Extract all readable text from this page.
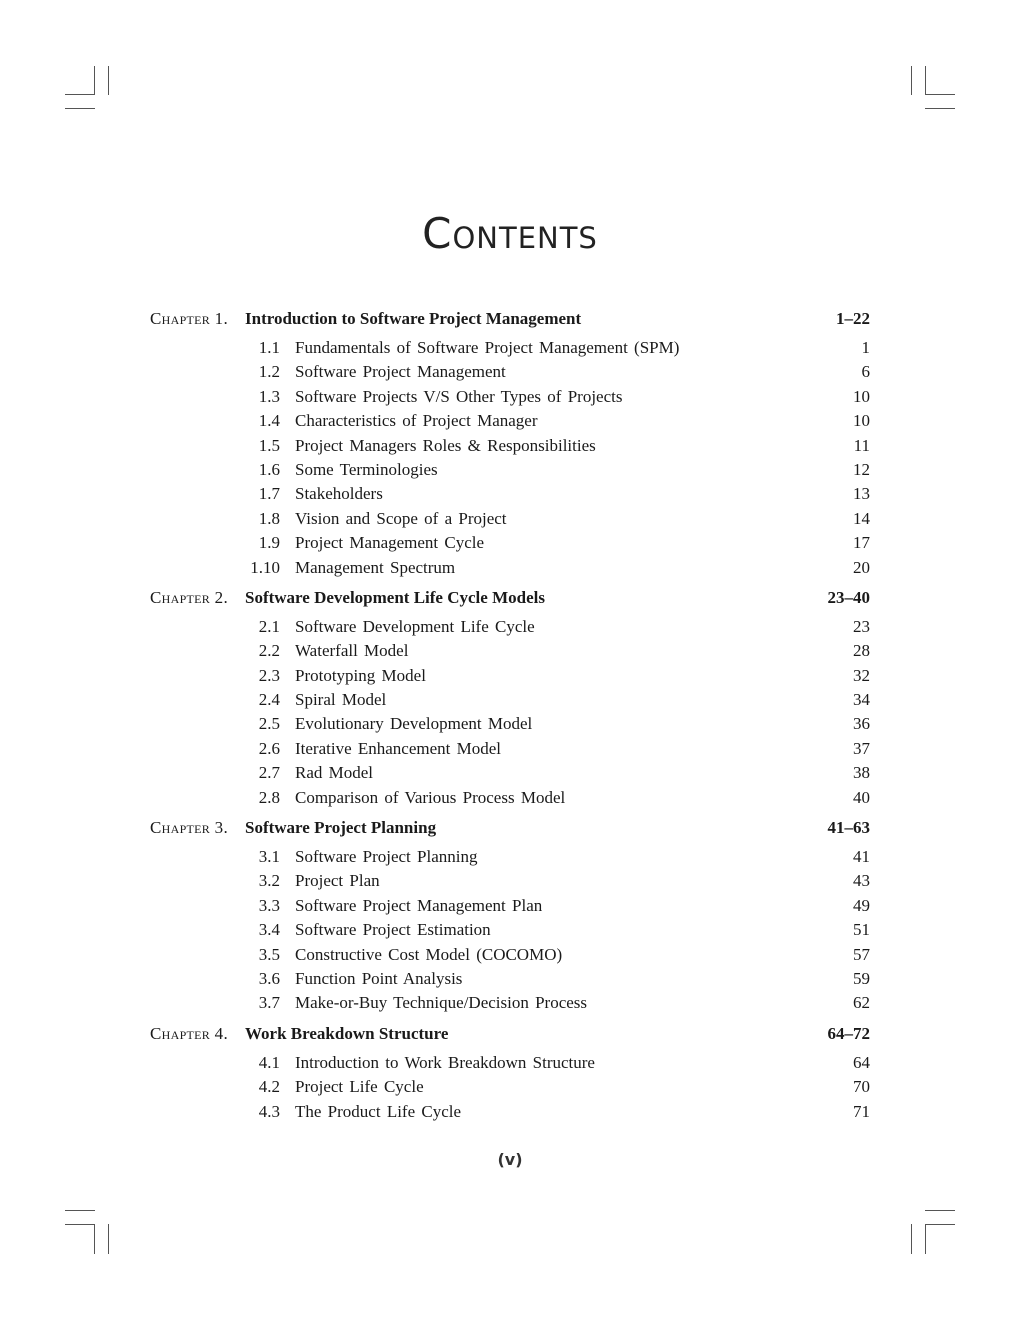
Contents
Chapter 1. Introduction to Software Project Management	1–22
1.1 Fundamentals of Software Project Management (SPM)	1
1.2 Software Project Management	6
1.3 Software Projects V/S Other Types of Projects	10
1.4 Characteristics of Project Manager	10
1.5 Project Managers Roles & Responsibilities	11
1.6 Some Terminologies	12
1.7 Stakeholders	13
1.8 Vision and Scope of a Project	14
1.9 Project Management Cycle	17
1.10 Management Spectrum	20
Chapter 2. Software Development Life Cycle Models	23–40
2.1 Software Development Life Cycle	23
2.2 Waterfall Model	28
2.3 Prototyping Model	32
2.4 Spiral Model	34
2.5 Evolutionary Development Model	36
2.6 Iterative Enhancement Model	37
2.7 Rad Model	38
2.8 Comparison of Various Process Model	40
Chapter 3. Software Project Planning	41–63
3.1 Software Project Planning	41
3.2 Project Plan	43
3.3 Software Project Management Plan	49
3.4 Software Project Estimation	51
3.5 Constructive Cost Model (COCOMO)	57
3.6 Function Point Analysis	59
3.7 Make-or-Buy Technique/Decision Process	62
Chapter 4. Work Breakdown Structure	64–72
4.1 Introduction to Work Breakdown Structure	64
4.2 Project Life Cycle	70
4.3 The Product Life Cycle	71
(v)
